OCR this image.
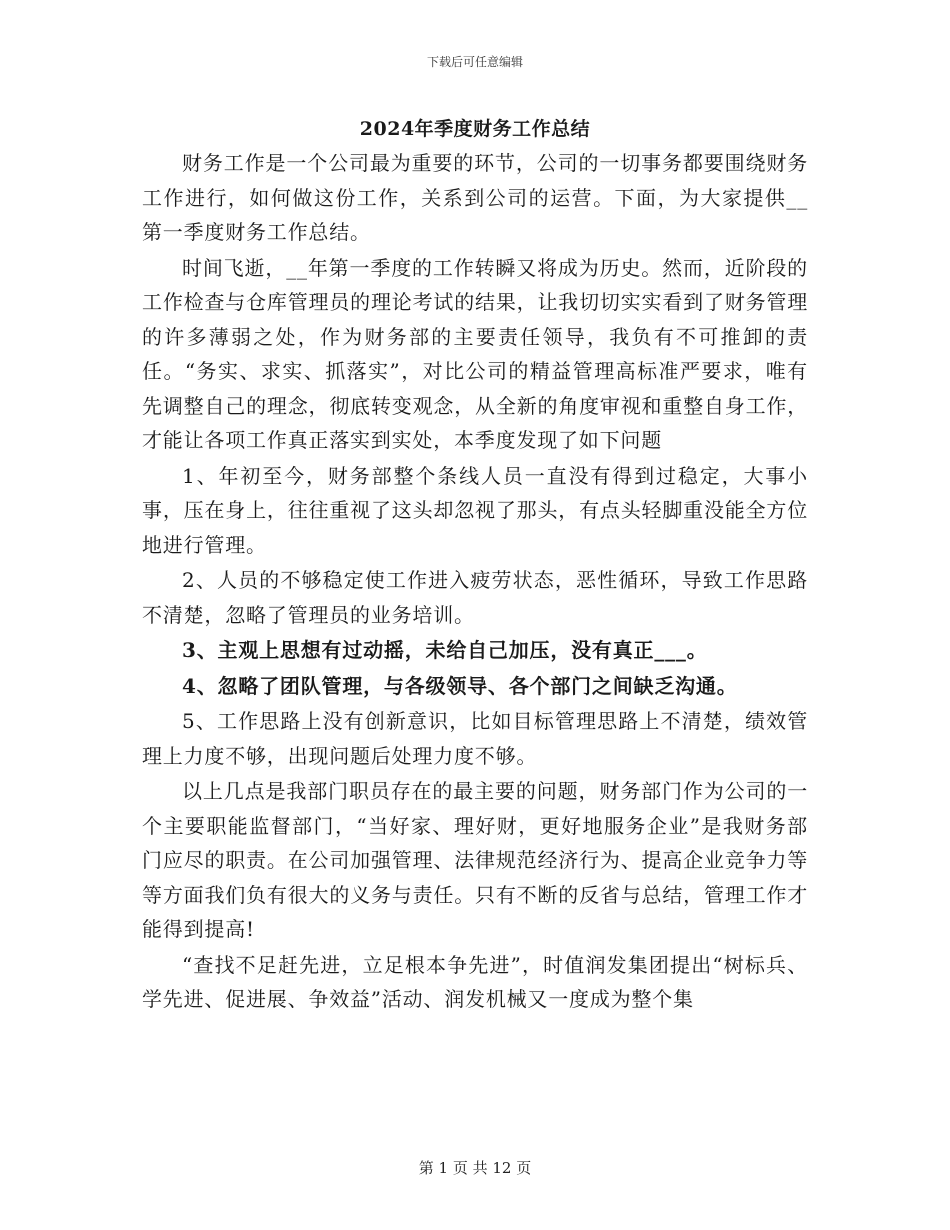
下载后可任意编辑
2024年季度财务工作总结

财务工作是一个公司最为重要的环节，公司的一切事务都要围绕财务工作进行，如何做这份工作，关系到公司的运营。下面，为大家提供__第一季度财务工作总结。

时间飞逝，__年第一季度的工作转瞬又将成为历史。然而，近阶段的工作检查与仓库管理员的理论考试的结果，让我切切实实看到了财务管理的许多薄弱之处，作为财务部的主要责任领导，我负有不可推卸的责任。“务实、求实、抓落实”，对比公司的精益管理高标准严要求，唯有先调整自己的理念，彻底转变观念，从全新的角度审视和重整自身工作，才能让各项工作真正落实到实处，本季度发现了如下问题

1、年初至今，财务部整个条线人员一直没有得到过稳定，大事小事，压在身上，往往重视了这头却忽视了那头，有点头轻脚重没能全方位地进行管理。

2、人员的不够稳定使工作进入疲劳状态，恶性循环，导致工作思路不清楚，忽略了管理员的业务培训。

3、主观上思想有过动摇，未给自己加压，没有真正___。

4、忽略了团队管理，与各级领导、各个部门之间缺乏沟通。

5、工作思路上没有创新意识，比如目标管理思路上不清楚，绩效管理上力度不够，出现问题后处理力度不够。

以上几点是我部门职员存在的最主要的问题，财务部门作为公司的一个主要职能监督部门，“当好家、理好财，更好地服务企业”是我财务部门应尽的职责。在公司加强管理、法律规范经济行为、提高企业竞争力等等方面我们负有很大的义务与责任。只有不断的反省与总结，管理工作才能得到提高!

“查找不足赶先进，立足根本争先进”，时值润发集团提出“树标兵、学先进、促进展、争效益”活动、润发机械又一度成为整个集

第 1 页 共 12 页
